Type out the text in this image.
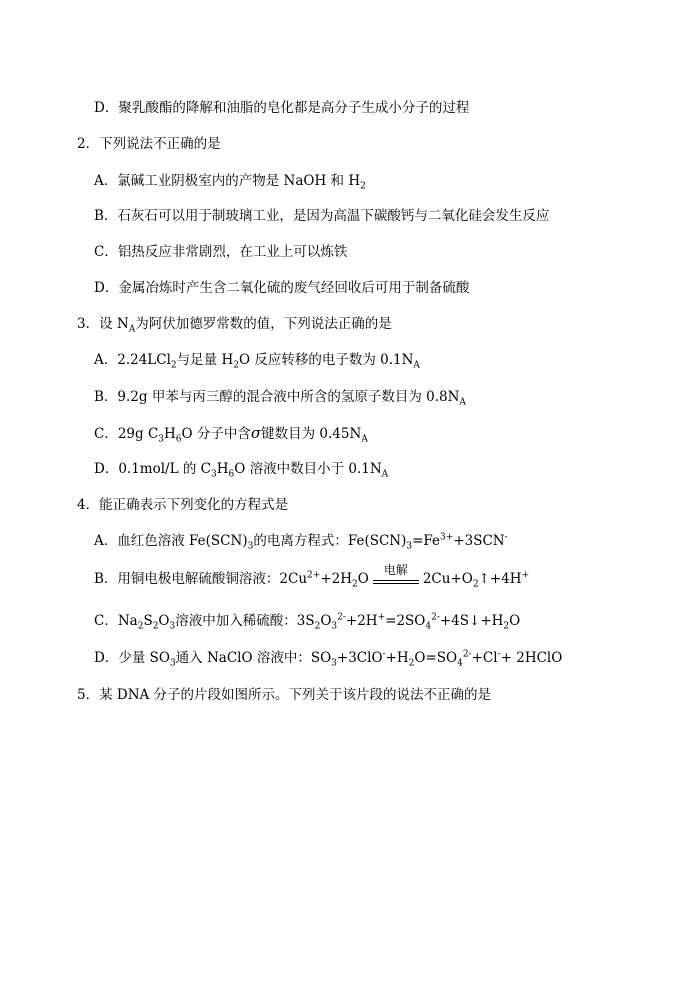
D．聚乳酸酯的降解和油脂的皂化都是高分子生成小分子的过程
2．下列说法不正确的是
A．氯碱工业阴极室内的产物是 NaOH 和 $H_2$
B．石灰石可以用于制玻璃工业，是因为高温下碳酸钙与二氧化硅会发生反应
C．铝热反应非常剧烈，在工业上可以炼铁
D．金属冶炼时产生含二氧化硫的废气经回收后可用于制备硫酸
3．设 $N_A$为阿伏加德罗常数的值，下列说法正确的是
A．2.24LCl$_2$与足量 $H_2O$ 反应转移的电子数为 $0.1N_A$
B．9.2g 甲苯与丙三醇的混合液中所含的氢原子数目为 $0.8N_A$
C．29g $C_3H_6O$ 分子中含σ键数目为 $0.45N_A$
D．0.1mol/L 的 $C_3H_6O$ 溶液中数目小于 $0.1N_A$
4．能正确表示下列变化的方程式是
A．血红色溶液 $Fe(SCN)_3$的电离方程式：$Fe(SCN)_3=Fe^{3+}+3SCN^-$
B．用铜电极电解硫酸铜溶液：$2Cu^{2+}+2H_2O$
电解
$2Cu+O_2↑+4H^+$
C．$Na_2S_2O_3$溶液中加入稀硫酸：$3S_2O_3^{2-}+2H^+=2SO_4^{2-}+4S↓+H_2O$
D．少量 $SO_3$通入 NaClO 溶液中：$SO_3+3ClO^-+H_2O=SO_4^{2-}+Cl^-+$ 2HClO
5．某 DNA 分子的片段如图所示。下列关于该片段的说法不正确的是
